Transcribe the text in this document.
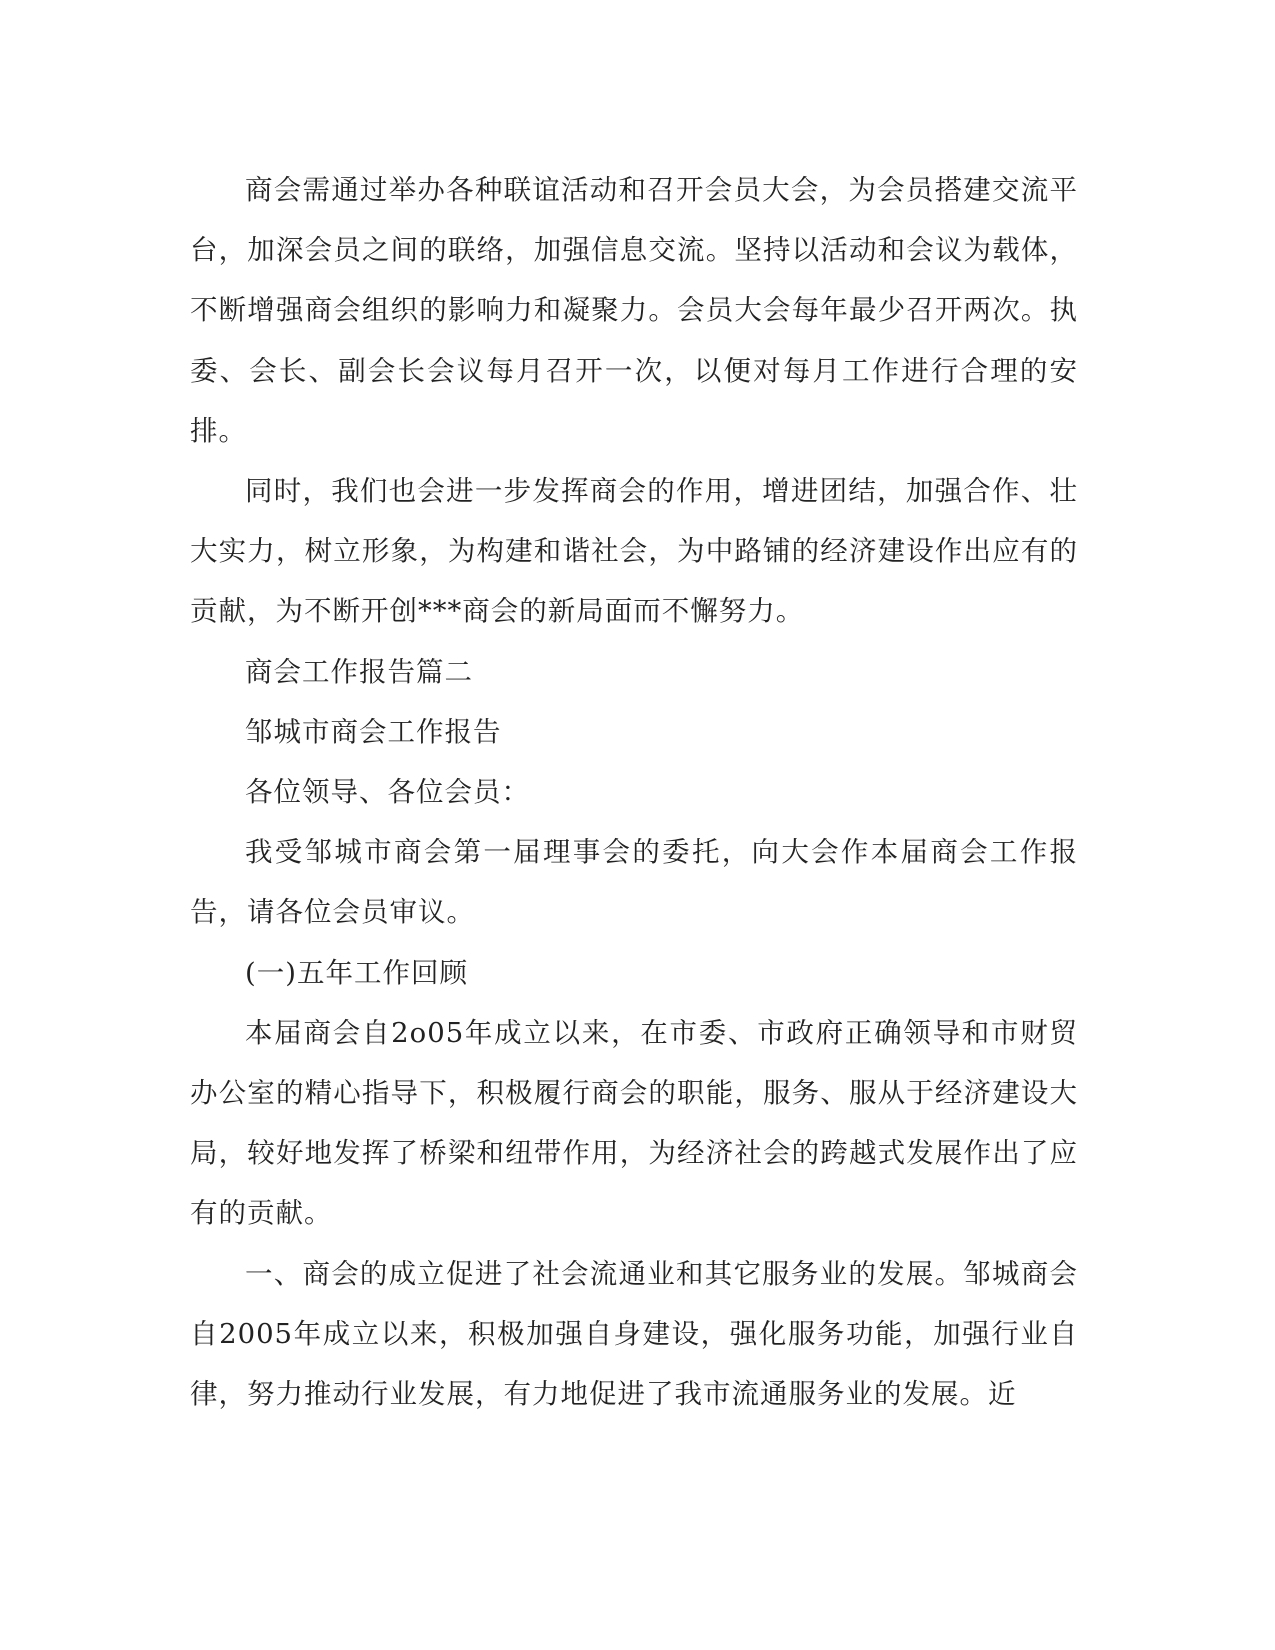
商会需通过举办各种联谊活动和召开会员大会，为会员搭建交流平台，加深会员之间的联络，加强信息交流。坚持以活动和会议为载体，不断增强商会组织的影响力和凝聚力。会员大会每年最少召开两次。执委、会长、副会长会议每月召开一次，以便对每月工作进行合理的安排。

同时，我们也会进一步发挥商会的作用，增进团结，加强合作、壮大实力，树立形象，为构建和谐社会，为中路铺的经济建设作出应有的贡献，为不断开创***商会的新局面而不懈努力。

商会工作报告篇二

邹城市商会工作报告

各位领导、各位会员：

我受邹城市商会第一届理事会的委托，向大会作本届商会工作报告，请各位会员审议。

(一)五年工作回顾

本届商会自2o05年成立以来，在市委、市政府正确领导和市财贸办公室的精心指导下，积极履行商会的职能，服务、服从于经济建设大局，较好地发挥了桥梁和纽带作用，为经济社会的跨越式发展作出了应有的贡献。

一、商会的成立促进了社会流通业和其它服务业的发展。邹城商会自2005年成立以来，积极加强自身建设，强化服务功能，加强行业自律，努力推动行业发展，有力地促进了我市流通服务业的发展。近
